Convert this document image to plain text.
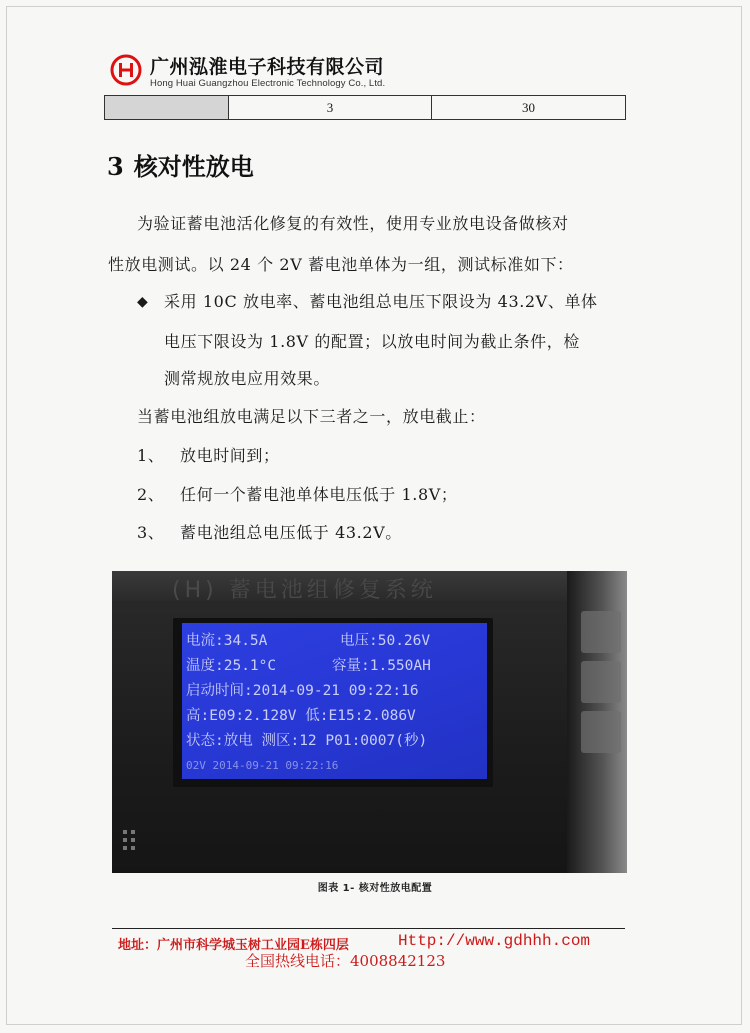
广州泓淮电子科技有限公司
Hong Huai Guangzhou Electronic Technology Co., Ltd.
3	30
3 核对性放电
为验证蓄电池活化修复的有效性，使用专业放电设备做核对
性放电测试。以 24 个 2V 蓄电池单体为一组，测试标准如下：
◆ 采用 10C 放电率、蓄电池组总电压下限设为 43.2V、单体
电压下限设为 1.8V 的配置；以放电时间为截止条件，检
测常规放电应用效果。
当蓄电池组放电满足以下三者之一，放电截止：
1、 放电时间到；
2、 任何一个蓄电池单体电压低于 1.8V；
3、 蓄电池组总电压低于 43.2V。
(H) 蓄电池组修复系统
电流:34.5A	电压:50.26V
温度:25.1°C	容量:1.550AH
启动时间:2014-09-21 09:22:16
高:E09:2.128V 低:E15:2.086V
状态:放电 测区:12 P01:0007(秒)
02V 2014-09-21 09:22:16
图表 1- 核对性放电配置
地址：广州市科学城玉树工业园E栋四层	Http://www.gdhhh.com
全国热线电话：4008842123
